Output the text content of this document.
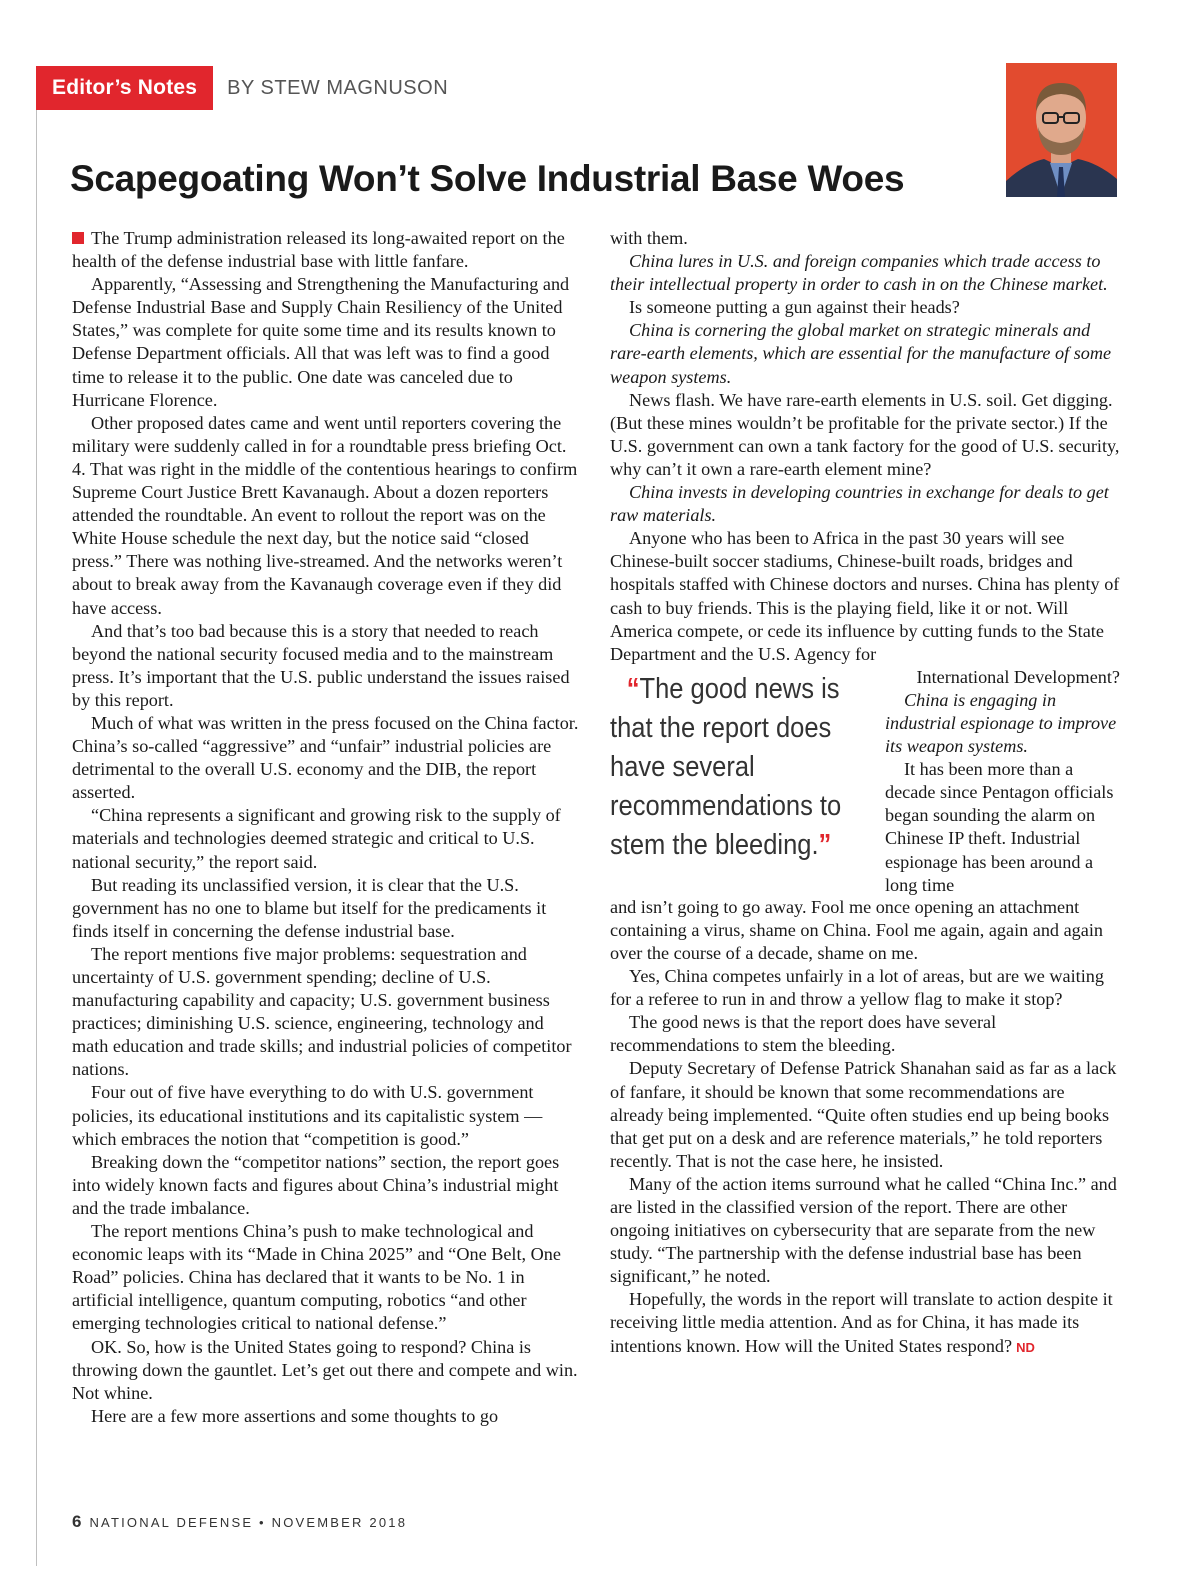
Editor’s Notes	BY STEW MAGNUSON
Scapegoating Won’t Solve Industrial Base Woes

The Trump administration released its long-awaited report on the health of the defense industrial base with little fanfare.

Apparently, “Assessing and Strengthening the Manufacturing and Defense Industrial Base and Supply Chain Resiliency of the United States,” was complete for quite some time and its results known to Defense Department officials. All that was left was to find a good time to release it to the public. One date was canceled due to Hurricane Florence.

Other proposed dates came and went until reporters covering the military were suddenly called in for a roundtable press briefing Oct. 4. That was right in the middle of the contentious hearings to confirm Supreme Court Justice Brett Kavanaugh. About a dozen reporters attended the roundtable. An event to rollout the report was on the White House schedule the next day, but the notice said “closed press.” There was nothing live-streamed. And the networks weren’t about to break away from the Kavanaugh coverage even if they did have access.

And that’s too bad because this is a story that needed to reach beyond the national security focused media and to the mainstream press. It’s important that the U.S. public understand the issues raised by this report.

Much of what was written in the press focused on the China factor. China’s so-called “aggressive” and “unfair” industrial policies are detrimental to the overall U.S. economy and the DIB, the report asserted.

“China represents a significant and growing risk to the supply of materials and technologies deemed strategic and critical to U.S. national security,” the report said.

But reading its unclassified version, it is clear that the U.S. government has no one to blame but itself for the predicaments it finds itself in concerning the defense industrial base.

The report mentions five major problems: sequestration and uncertainty of U.S. government spending; decline of U.S. manufacturing capability and capacity; U.S. government business practices; diminishing U.S. science, engineering, technology and math education and trade skills; and industrial policies of competitor nations.

Four out of five have everything to do with U.S. government policies, its educational institutions and its capitalistic system — which embraces the notion that “competition is good.”

Breaking down the “competitor nations” section, the report goes into widely known facts and figures about China’s industrial might and the trade imbalance.

The report mentions China’s push to make technological and economic leaps with its “Made in China 2025” and “One Belt, One Road” policies. China has declared that it wants to be No. 1 in artificial intelligence, quantum computing, robotics “and other emerging technologies critical to national defense.”

OK. So, how is the United States going to respond? China is throwing down the gauntlet. Let’s get out there and compete and win. Not whine.

Here are a few more assertions and some thoughts to go

with them.

China lures in U.S. and foreign companies which trade access to their intellectual property in order to cash in on the Chinese market.

Is someone putting a gun against their heads?

China is cornering the global market on strategic minerals and rare-earth elements, which are essential for the manufacture of some weapon systems.

News flash. We have rare-earth elements in U.S. soil. Get digging. (But these mines wouldn’t be profitable for the private sector.) If the U.S. government can own a tank factory for the good of U.S. security, why can’t it own a rare-earth element mine?

China invests in developing countries in exchange for deals to get raw materials.

Anyone who has been to Africa in the past 30 years will see Chinese-built soccer stadiums, Chinese-built roads, bridges and hospitals staffed with Chinese doctors and nurses. China has plenty of cash to buy friends. This is the playing field, like it or not. Will America compete, or cede its influence by cutting funds to the State Department and the U.S. Agency for

“The good news is that the report does have several recommendations to stem the bleeding.”

International Development?

China is engaging in industrial espionage to improve its weapon systems.

It has been more than a decade since Pentagon officials began sounding the alarm on Chinese IP theft. Industrial espionage has been around a long time

and isn’t going to go away. Fool me once opening an attachment containing a virus, shame on China. Fool me again, again and again over the course of a decade, shame on me.

Yes, China competes unfairly in a lot of areas, but are we waiting for a referee to run in and throw a yellow flag to make it stop?

The good news is that the report does have several recommendations to stem the bleeding.

Deputy Secretary of Defense Patrick Shanahan said as far as a lack of fanfare, it should be known that some recommendations are already being implemented. “Quite often studies end up being books that get put on a desk and are reference materials,” he told reporters recently. That is not the case here, he insisted.

Many of the action items surround what he called “China Inc.” and are listed in the classified version of the report. There are other ongoing initiatives on cybersecurity that are separate from the new study. “The partnership with the defense industrial base has been significant,” he noted.

Hopefully, the words in the report will translate to action despite it receiving little media attention. And as for China, it has made its intentions known. How will the United States respond? ND

6 NATIONAL DEFENSE • NOVEMBER 2018
